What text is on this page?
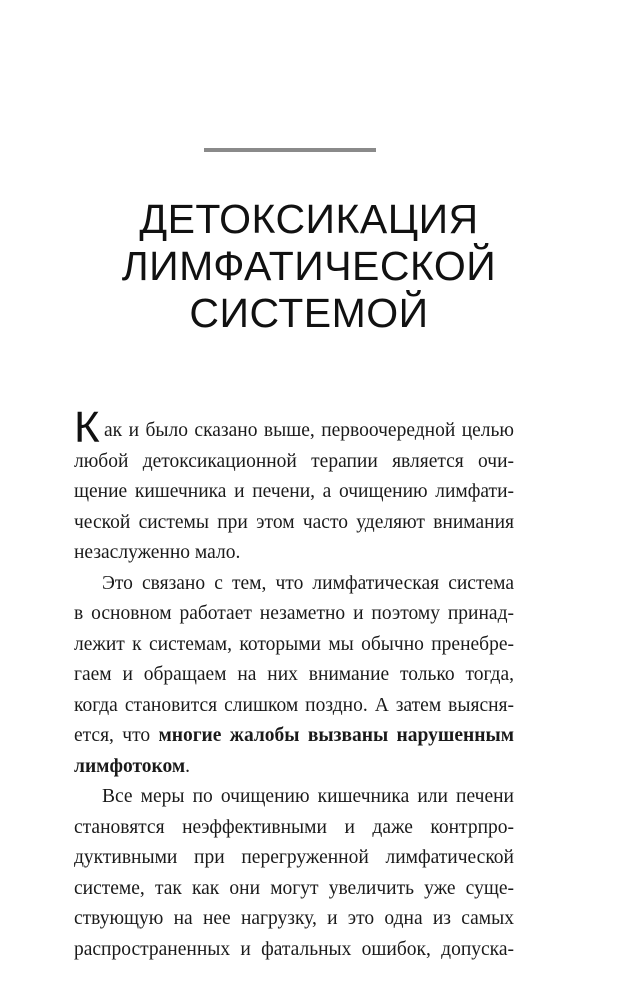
ДЕТОКСИКАЦИЯ
ЛИМФАТИЧЕСКОЙ
СИСТЕМОЙ
К ак и было сказано выше, первоочередной целью
любой детоксикационной терапии является очи-
щение кишечника и печени, а очищению лимфати-
ческой системы при этом часто уделяют внимания
незаслуженно мало.
Это связано с тем, что лимфатическая система
в основном работает незаметно и поэтому принад-
лежит к системам, которыми мы обычно пренебре-
гаем и обращаем на них внимание только тогда,
когда становится слишком поздно. А затем выясня-
ется, что многие жалобы вызваны нарушенным
лимфотоком.
Все меры по очищению кишечника или печени
становятся неэффективными и даже контрпро-
дуктивными при перегруженной лимфатической
системе, так как они могут увеличить уже суще-
ствующую на нее нагрузку, и это одна из самых
распространенных и фатальных ошибок, допуска-
